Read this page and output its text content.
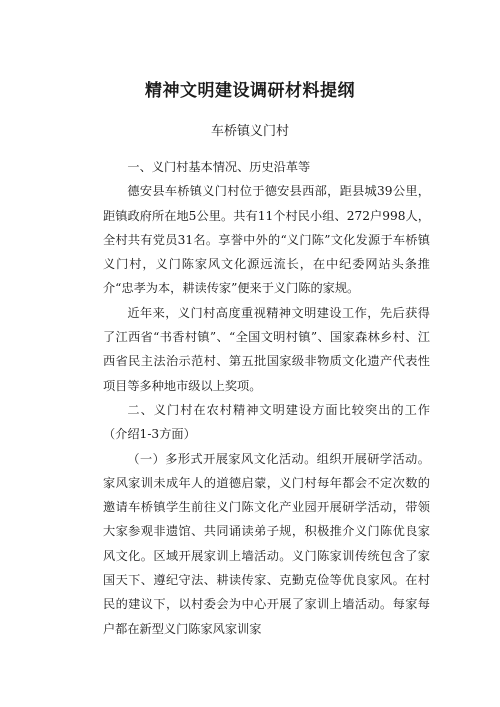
精神文明建设调研材料提纲

车桥镇义门村

一、义门村基本情况、历史沿革等

德安县车桥镇义门村位于德安县西部，距县城39公里，距镇政府所在地5公里。共有11个村民小组、272户998人，全村共有党员31名。享誉中外的“义门陈”文化发源于车桥镇义门村，义门陈家风文化源远流长，在中纪委网站头条推介“忠孝为本，耕读传家”便来于义门陈的家规。

近年来，义门村高度重视精神文明建设工作，先后获得了江西省“书香村镇”、“全国文明村镇”、国家森林乡村、江西省民主法治示范村、第五批国家级非物质文化遗产代表性项目等多种地市级以上奖项。

二、义门村在农村精神文明建设方面比较突出的工作（介绍1-3方面）

（一）多形式开展家风文化活动。组织开展研学活动。家风家训未成年人的道德启蒙，义门村每年都会不定次数的邀请车桥镇学生前往义门陈文化产业园开展研学活动，带领大家参观非遗馆、共同诵读弟子规，积极推介义门陈优良家风文化。区域开展家训上墙活动。义门陈家训传统包含了家国天下、遵纪守法、耕读传家、克勤克俭等优良家风。在村民的建议下，以村委会为中心开展了家训上墙活动。每家每户都在新型义门陈家风家训家
